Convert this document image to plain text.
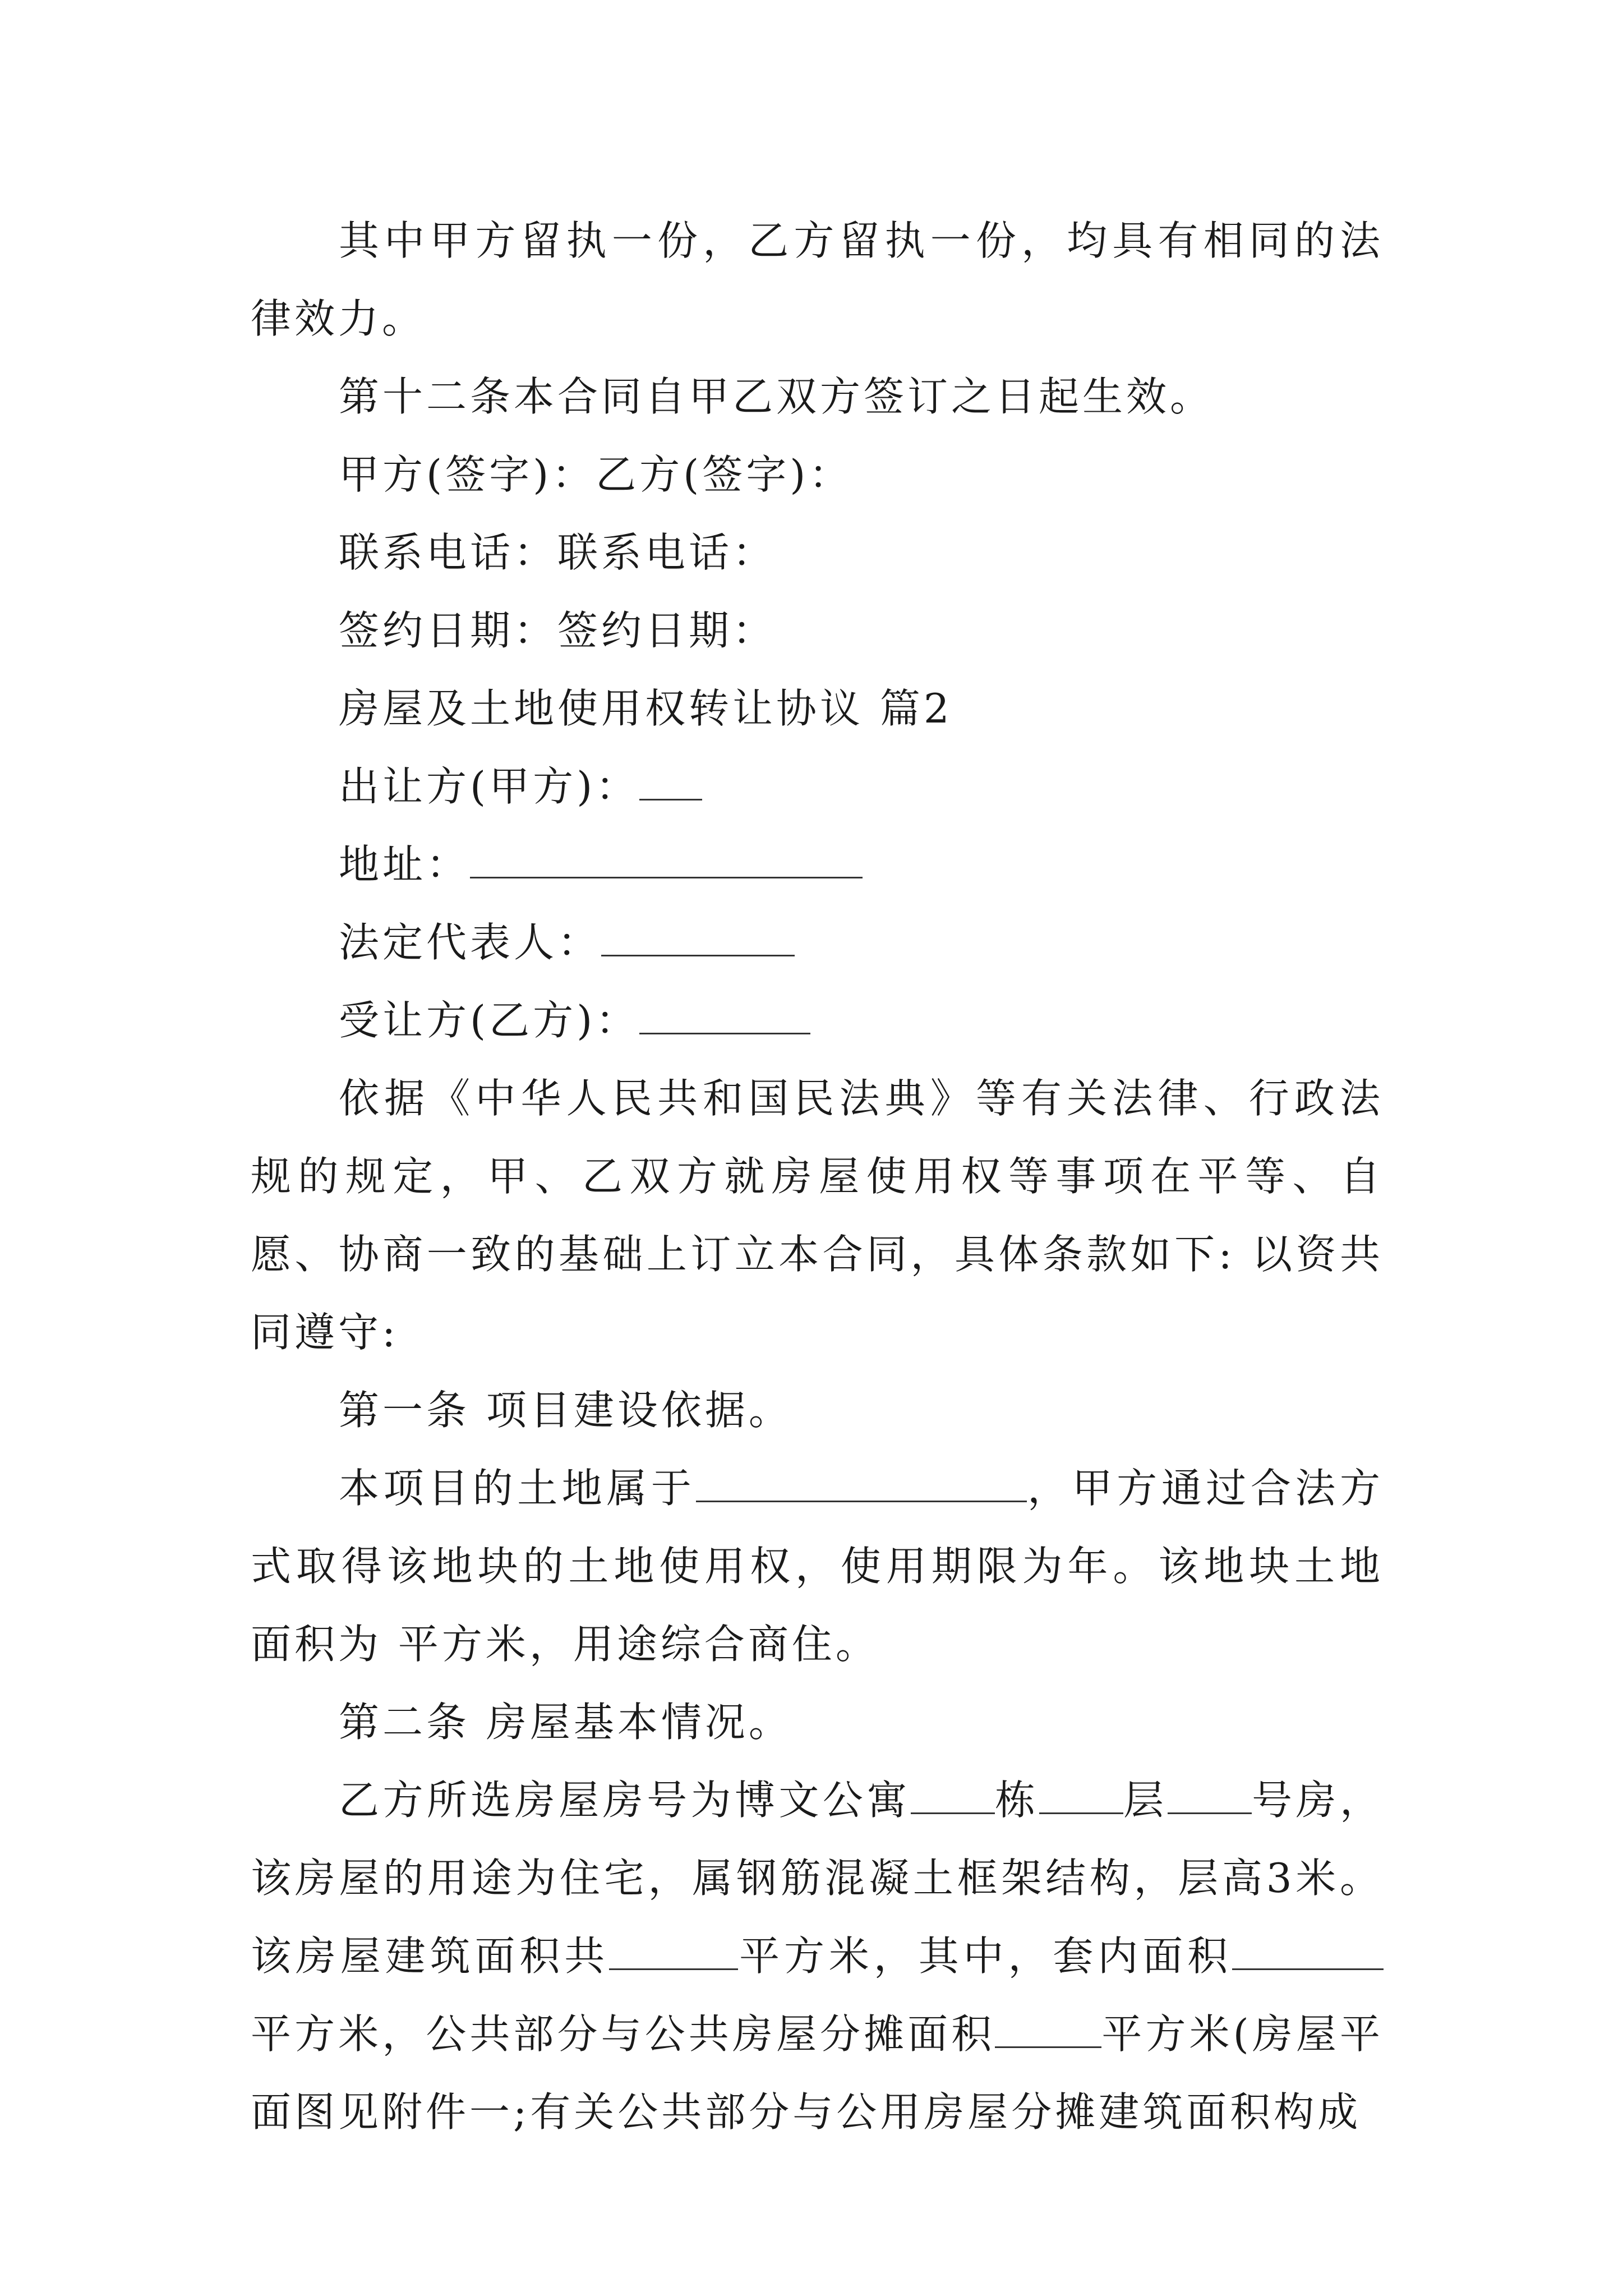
其中甲方留执一份，乙方留执一份，均具有相同的法律效力。

第十二条本合同自甲乙双方签订之日起生效。

甲方(签字)：乙方(签字)：

联系电话：联系电话：

签约日期：签约日期：

房屋及土地使用权转让协议 篇2

出让方(甲方)：

地址：

法定代表人：

受让方(乙方)：

依据《中华人民共和国民法典》等有关法律、行政法规的规定，甲、乙双方就房屋使用权等事项在平等、自愿、协商一致的基础上订立本合同，具体条款如下: 以资共同遵守:

第一条 项目建设依据。

本项目的土地属于	，甲方通过合法方式取得该地块的土地使用权，使用期限为年。该地块土地面积为 平方米，用途综合商住。

第二条 房屋基本情况。

乙方所选房屋房号为博文公寓 栋 层 号房，该房屋的用途为住宅，属钢筋混凝土框架结构，层高3米。该房屋建筑面积共	平方米，其中，套内面积平方米，公共部分与公共房屋分摊面积	平方米(房屋平面图见附件一;有关公共部分与公用房屋分摊建筑面积构成
